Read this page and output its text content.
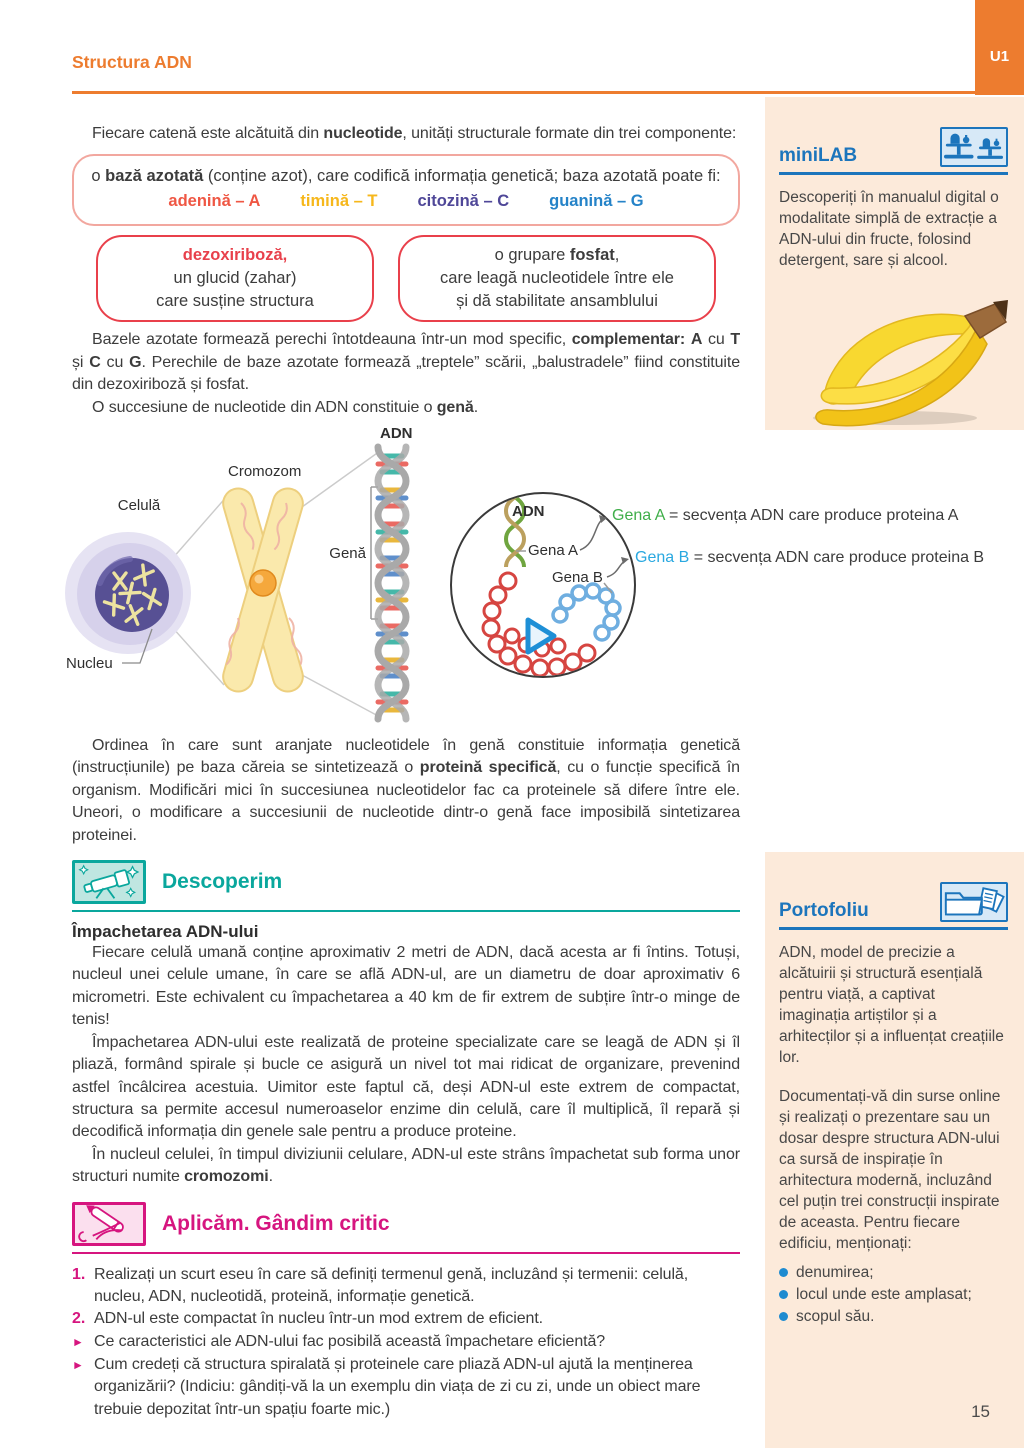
Structura ADN	U1
miniLAB
Descoperiți în manualul digital o modalitate simplă de extracție a ADN-ului din fructe, folosind detergent, sare și alcool.
Portofoliu
ADN, model de precizie a alcătuirii și structură esențială pentru viață, a captivat imaginația artiștilor și a arhitecților și a influențat creațiile lor.
Documentați-vă din surse online și realizați o prezentare sau un dosar despre structura ADN-ului ca sursă de inspirație în arhitectura modernă, incluzând cel puțin trei construcții inspirate de aceasta. Pentru fiecare edificiu, menționați:
denumirea;
locul unde este amplasat;
scopul său.
15

Fiecare catenă este alcătuită din nucleotide, unități structurale formate din trei componente:

o bază azotată (conține azot), care codifică informația genetică; baza azotată poate fi:
adenină – A timină – T citozină – C guanină – G
dezoxiriboză,
un glucid (zahar)
care susține structura
o grupare fosfat,
care leagă nucleotidele între ele
și dă stabilitate ansamblului

Bazele azotate formează perechi întotdeauna într-un mod specific, complementar: A cu T și C cu G. Perechile de baze azotate formează „treptele” scării, „balustradele” fiind constituite din dezoxiriboză și fosfat.

O succesiune de nucleotide din ADN constituie o genă.

ADN
Cromozom
Celulă
Genă
Nucleu
ADN
Gena A
Gena B
Gena A = secvența ADN care produce proteina A
Gena B = secvența ADN care produce proteina B

Ordinea în care sunt aranjate nucleotidele în genă constituie informația genetică (instrucțiunile) pe baza căreia se sintetizează o proteină specifică, cu o funcție specifică în organism. Modificări mici în succesiunea nucleotidelor fac ca proteinele să difere între ele. Uneori, o modificare a succesiunii de nucleotide dintr-o genă face imposibilă sintetizarea proteinei.

Descoperim
Împachetarea ADN-ului

Fiecare celulă umană conține aproximativ 2 metri de ADN, dacă acesta ar fi întins. Totuși, nucleul unei celule umane, în care se află ADN-ul, are un diametru de doar aproximativ 6 micrometri. Este echivalent cu împachetarea a 40 km de fir extrem de subțire într-o minge de tenis!

Împachetarea ADN-ului este realizată de proteine specializate care se leagă de ADN și îl pliază, formând spirale și bucle ce asigură un nivel tot mai ridicat de organizare, prevenind astfel încâlcirea acestuia. Uimitor este faptul că, deși ADN-ul este extrem de compactat, structura sa permite accesul numeroaselor enzime din celulă, care îl multiplică, îl repară și decodifică informația din genele sale pentru a produce proteine.

În nucleul celulei, în timpul diviziunii celulare, ADN-ul este strâns împachetat sub forma unor structuri numite cromozomi.

Aplicăm. Gândim critic
1. Realizați un scurt eseu în care să definiți termenul genă, incluzând și termenii: celulă, nucleu, ADN, nucleotidă, proteină, informație genetică.
2. ADN-ul este compactat în nucleu într-un mod extrem de eficient.
► Ce caracteristici ale ADN-ului fac posibilă această împachetare eficientă?
► Cum credeți că structura spiralată și proteinele care pliază ADN-ul ajută la menținerea organizării? (Indiciu: gândiți-vă la un exemplu din viața de zi cu zi, unde un obiect mare trebuie depozitat într-un spațiu foarte mic.)
